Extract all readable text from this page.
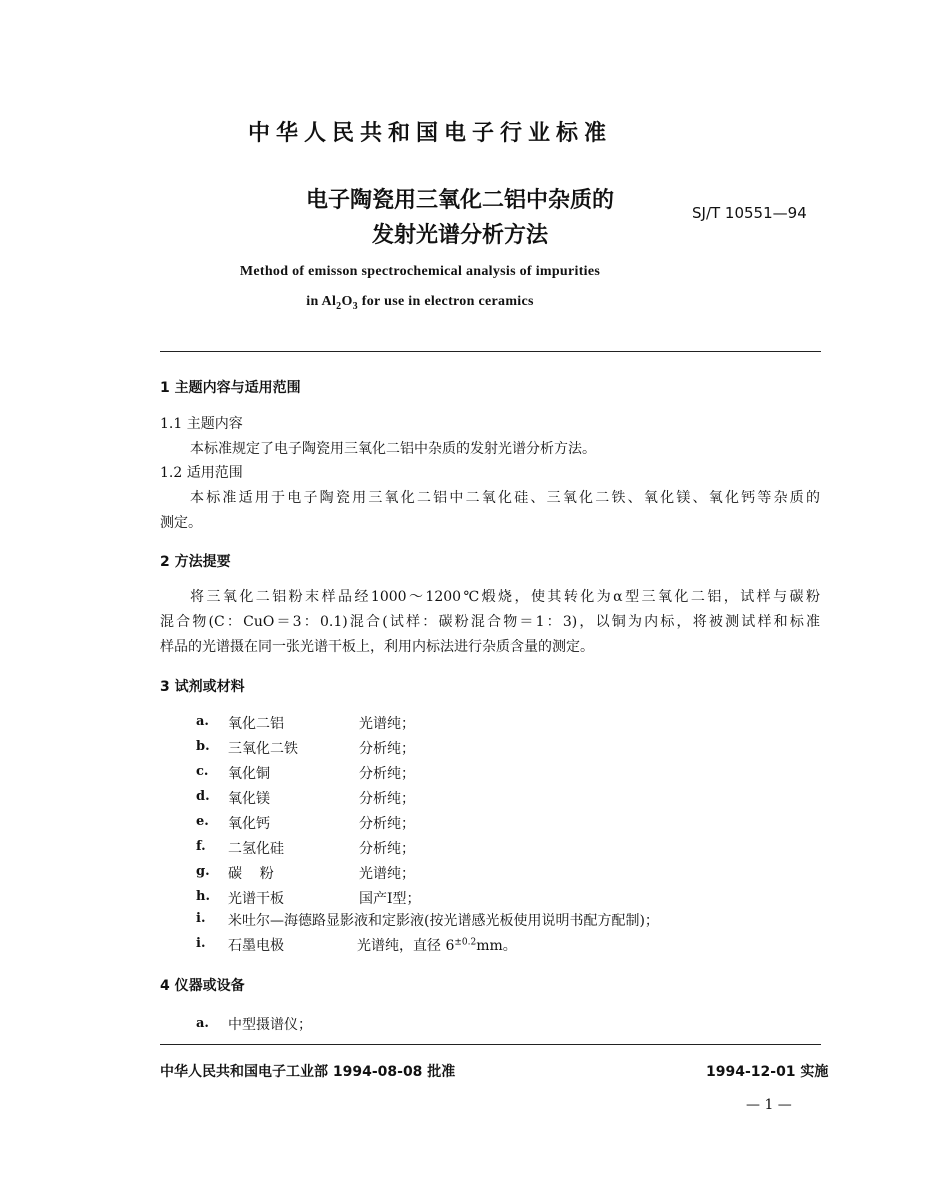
中华人民共和国电子行业标准
电子陶瓷用三氧化二铝中杂质的
发射光谱分析方法
SJ/T 10551—94
Method of emisson spectrochemical analysis of impurities
in $Al_2O_3$ for use in electron ceramics
1 主题内容与适用范围
1.1 主题内容
本标准规定了电子陶瓷用三氧化二铝中杂质的发射光谱分析方法。
1.2 适用范围
本标准适用于电子陶瓷用三氧化二铝中二氧化硅、三氧化二铁、氧化镁、氧化钙等杂质的
测定。
2 方法提要
将三氧化二铝粉末样品经1000～1200℃煅烧，使其转化为α型三氧化二铝，试样与碳粉
混合物(C：CuO＝3：0.1)混合(试样：碳粉混合物＝1：3)，以铜为内标，将被测试样和标准
样品的光谱摄在同一张光谱干板上，利用内标法进行杂质含量的测定。
3 试剂或材料
a. 氧化二铝	光谱纯；
b. 三氧化二铁	分析纯；
c. 氧化铜	分析纯；
d. 氧化镁	分析纯；
e. 氧化钙	分析纯；
f. 二氢化硅	分析纯；
g. 碳    粉	光谱纯；
h. 光谱干板	国产Ⅰ型；
i. 米吐尔—海德路显影液和定影液(按光谱感光板使用说明书配方配制)；
i. 石墨电极	光谱纯，直径 $6^{\pm 0.2}mm$。
4 仪器或设备
a. 中型摄谱仪；
中华人民共和国电子工业部 1994-08-08 批准	1994-12-01 实施
— 1 —
